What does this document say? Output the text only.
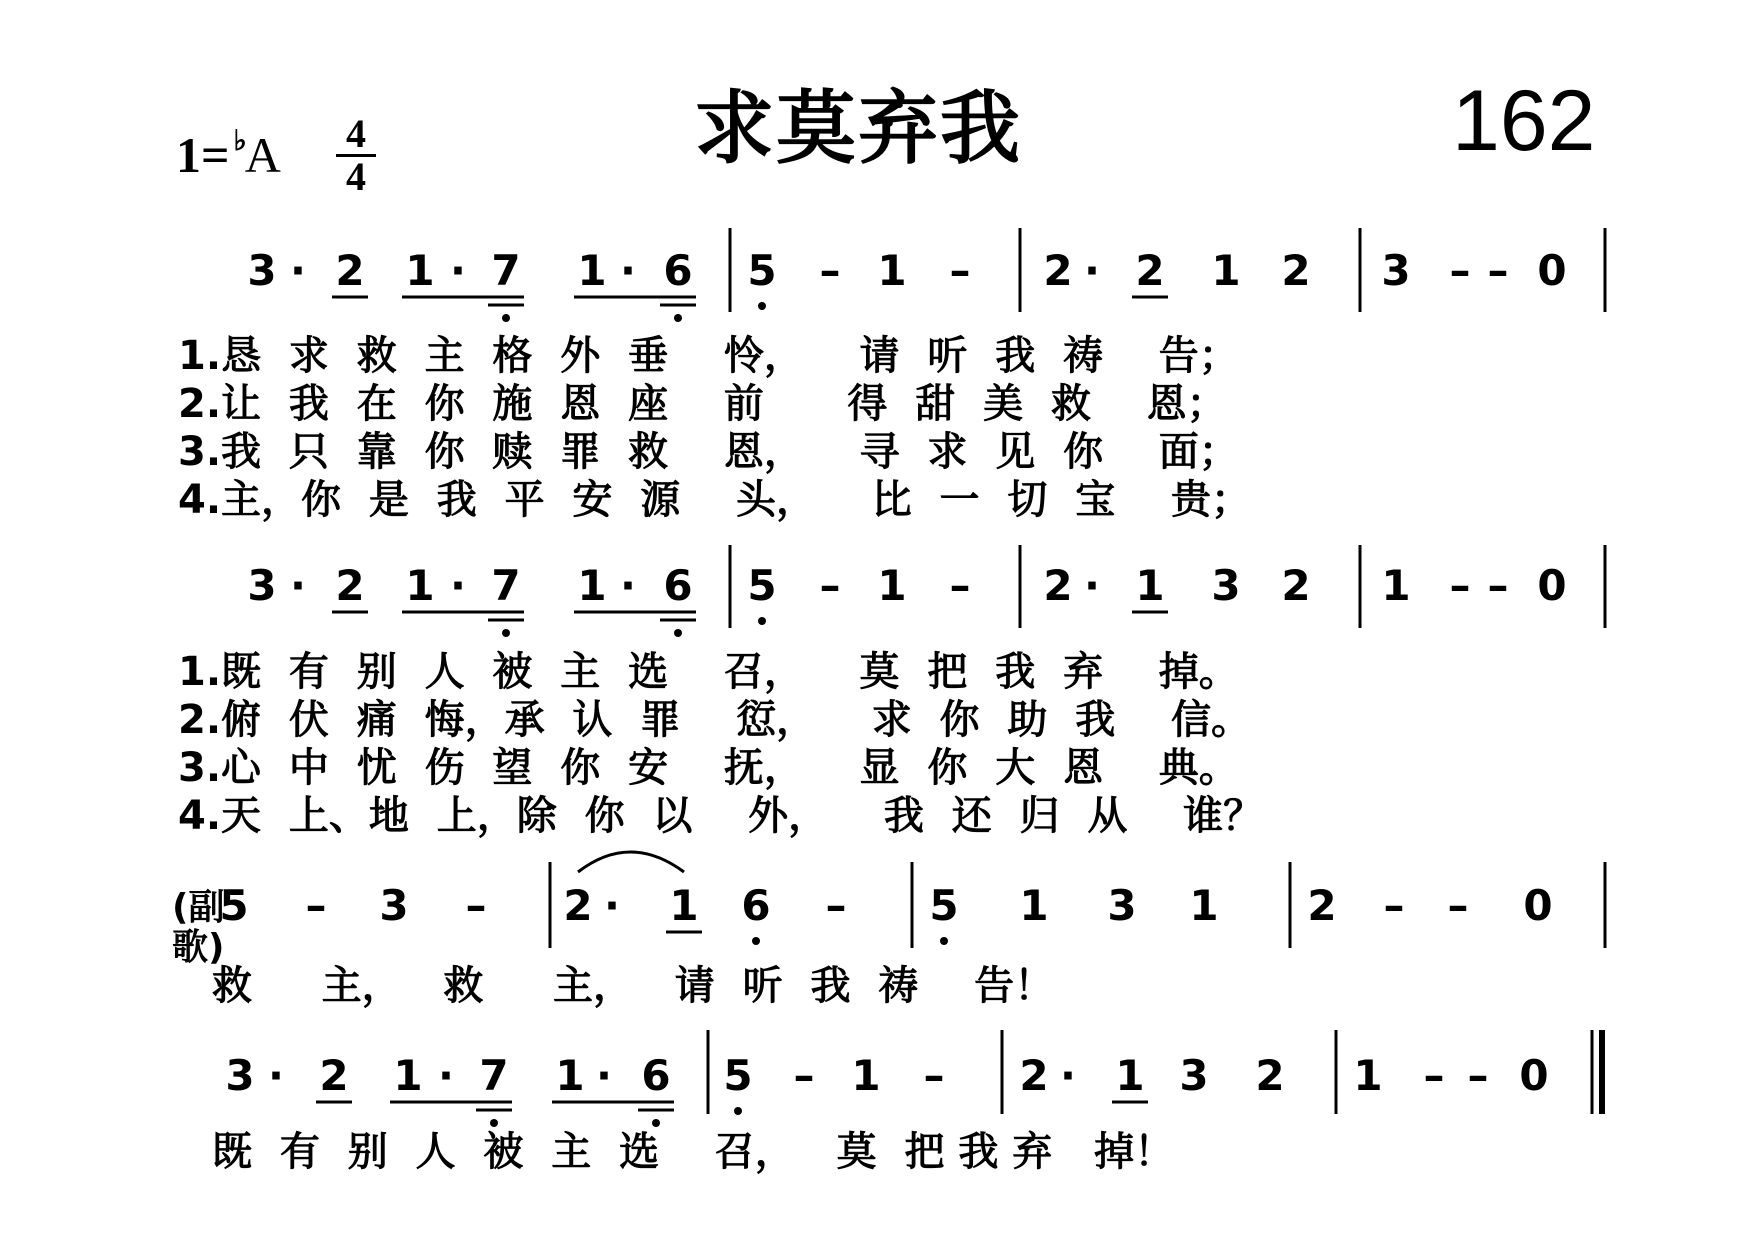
求莫弃我	162
$1= ^♭A \frac{4}{4}$
3 · 2 1 · 7 1 · 6 5 – 1 – 2 · 2 1 2 3 – – 0
3 · 2 1 · 7 1 · 6 5 – 1 – 2 · 1 3 2 1 – – 0
5 – 3 – 2 · 1 6 – 5 1 3 1 2 – – 0
3 · 2 1 · 7 1 · 6 5 – 1 – 2 · 1 3 2 1 – – 0
1.恳  求  救  主  格  外  垂    怜，    请  听  我  祷    告；
2.让  我  在  你  施  恩  座    前      得  甜  美  救    恩；
3.我  只  靠  你  赎  罪  救    恩，    寻  求  见  你    面；
4.主，你  是  我  平  安  源    头，    比  一  切  宝    贵；
1.既  有  别  人  被  主  选    召，    莫  把  我  弃    掉。
2.俯  伏  痛  悔，承  认  罪    愆，    求  你  助  我    信。
3.心  中  忧  伤  望  你  安    抚，    显  你  大  恩    典。
4.天  上、地  上，除  你  以    外，    我  还  归  从    谁？
(副歌)
救     主，   救     主，   请  听  我  祷    告！
既  有  别  人  被  主  选    召，   莫  把 我 弃   掉！
